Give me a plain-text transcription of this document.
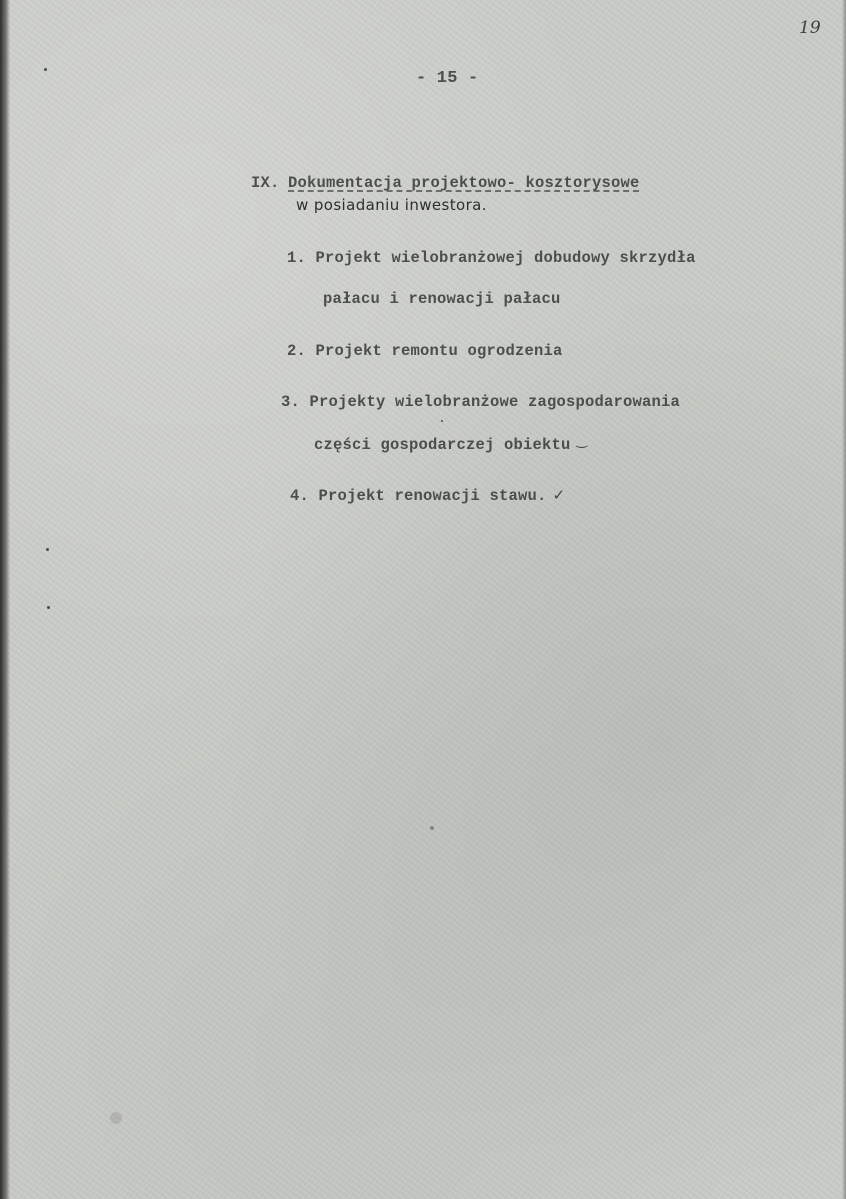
19
- 15 -
IX. Dokumentacja projektowo- kosztorysowe
w posiadaniu inwestora.
1. Projekt wielobranżowej dobudowy skrzydła
pałacu i renowacji pałacu
2. Projekt remontu ogrodzenia
3. Projekty wielobranżowe zagospodarowania
części gospodarczej obiektu ‿
4. Projekt renowacji stawu. ✓
